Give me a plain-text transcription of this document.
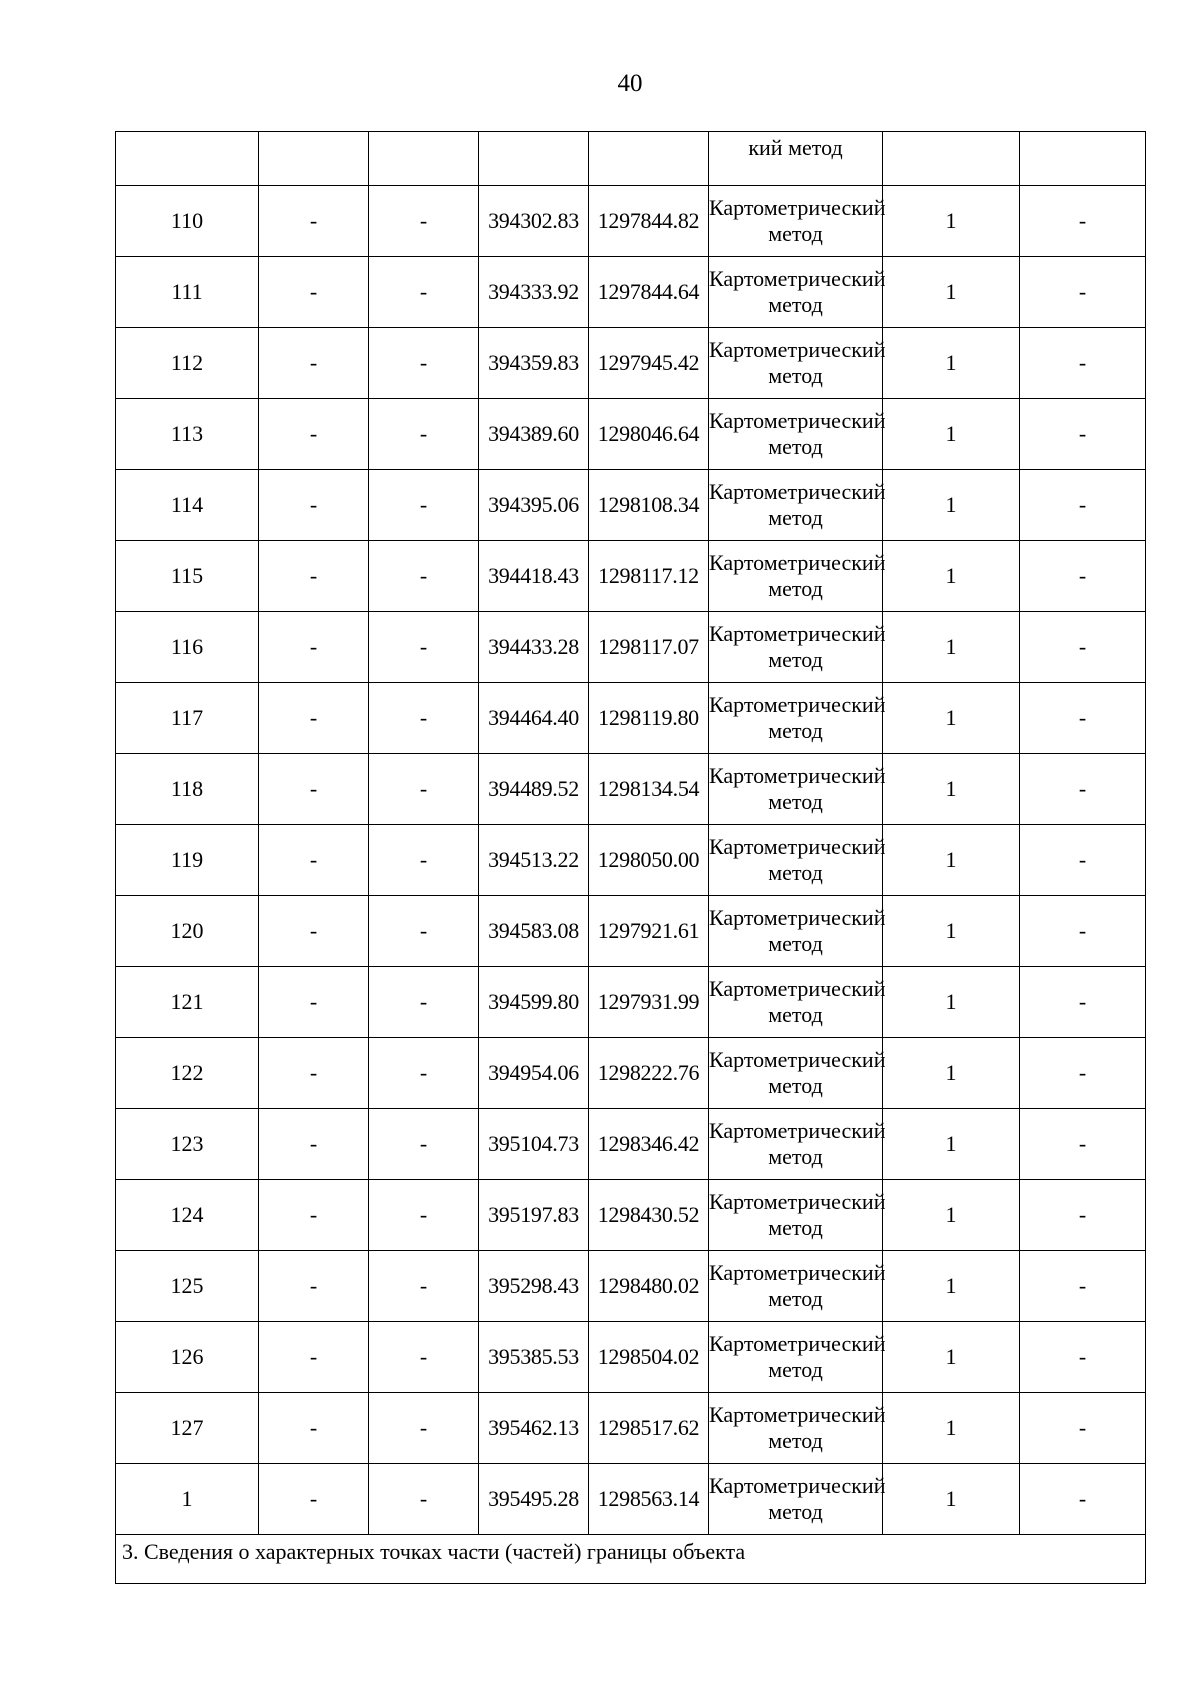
40
					кий метод		
110	-	-	394302.83	1297844.82	Картометрический метод	1	-
111	-	-	394333.92	1297844.64	Картометрический метод	1	-
112	-	-	394359.83	1297945.42	Картометрический метод	1	-
113	-	-	394389.60	1298046.64	Картометрический метод	1	-
114	-	-	394395.06	1298108.34	Картометрический метод	1	-
115	-	-	394418.43	1298117.12	Картометрический метод	1	-
116	-	-	394433.28	1298117.07	Картометрический метод	1	-
117	-	-	394464.40	1298119.80	Картометрический метод	1	-
118	-	-	394489.52	1298134.54	Картометрический метод	1	-
119	-	-	394513.22	1298050.00	Картометрический метод	1	-
120	-	-	394583.08	1297921.61	Картометрический метод	1	-
121	-	-	394599.80	1297931.99	Картометрический метод	1	-
122	-	-	394954.06	1298222.76	Картометрический метод	1	-
123	-	-	395104.73	1298346.42	Картометрический метод	1	-
124	-	-	395197.83	1298430.52	Картометрический метод	1	-
125	-	-	395298.43	1298480.02	Картометрический метод	1	-
126	-	-	395385.53	1298504.02	Картометрический метод	1	-
127	-	-	395462.13	1298517.62	Картометрический метод	1	-
1	-	-	395495.28	1298563.14	Картометрический метод	1	-
3. Сведения о характерных точках части (частей) границы объекта							
